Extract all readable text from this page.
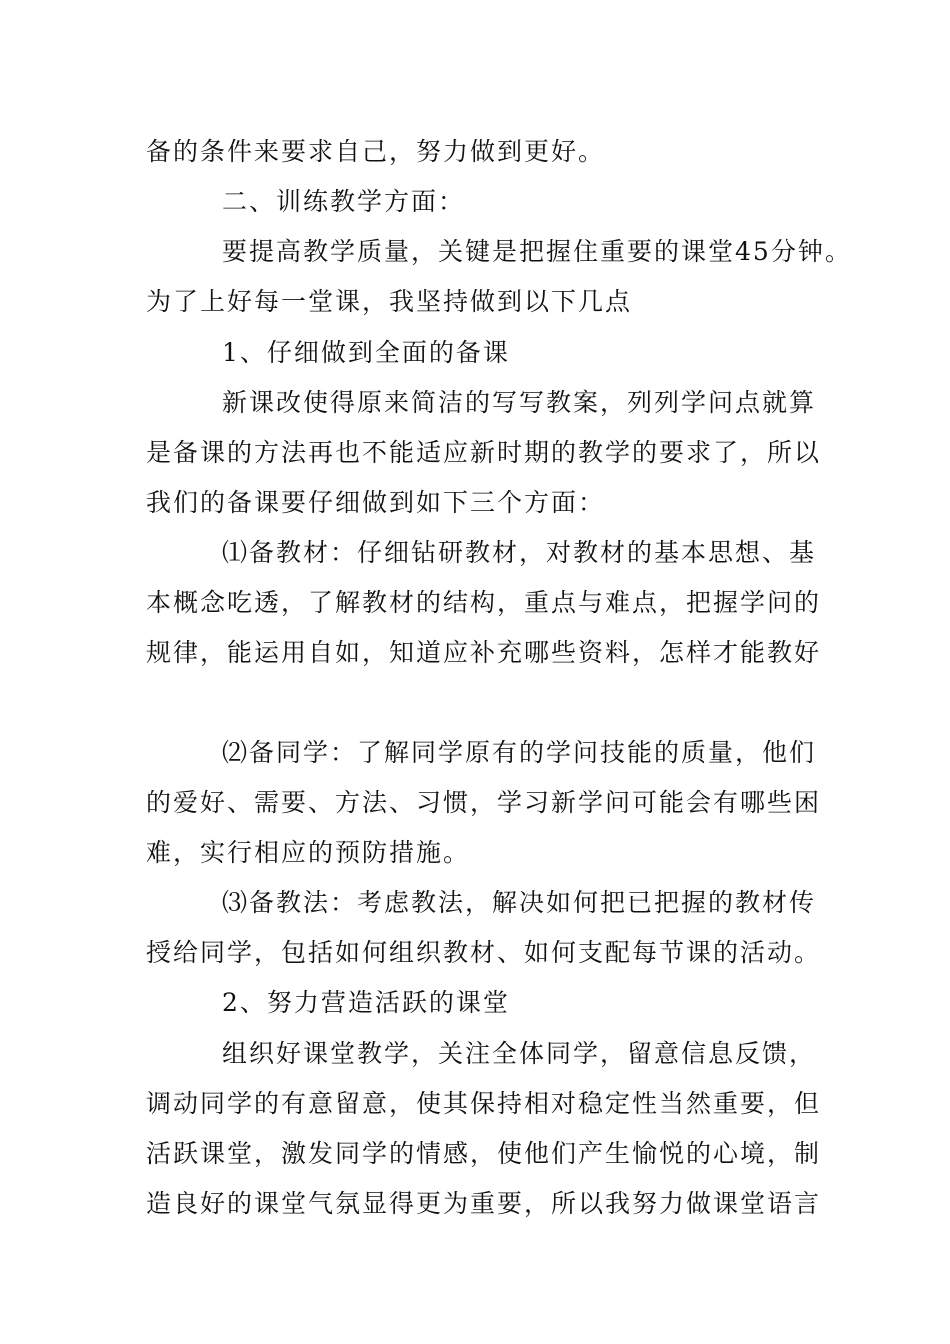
备的条件来要求自己，努力做到更好。
二、训练教学方面：
要提高教学质量，关键是把握住重要的课堂45分钟。
为了上好每一堂课，我坚持做到以下几点
1、仔细做到全面的备课
新课改使得原来简洁的写写教案，列列学问点就算
是备课的方法再也不能适应新时期的教学的要求了，所以
我们的备课要仔细做到如下三个方面：
⑴备教材：仔细钻研教材，对教材的基本思想、基
本概念吃透，了解教材的结构，重点与难点，把握学问的
规律，能运用自如，知道应补充哪些资料，怎样才能教好
⑵备同学：了解同学原有的学问技能的质量，他们
的爱好、需要、方法、习惯，学习新学问可能会有哪些困
难，实行相应的预防措施。
⑶备教法：考虑教法，解决如何把已把握的教材传
授给同学，包括如何组织教材、如何支配每节课的活动。
2、努力营造活跃的课堂
组织好课堂教学，关注全体同学，留意信息反馈，
调动同学的有意留意，使其保持相对稳定性当然重要，但
活跃课堂，激发同学的情感，使他们产生愉悦的心境，制
造良好的课堂气氛显得更为重要，所以我努力做课堂语言
